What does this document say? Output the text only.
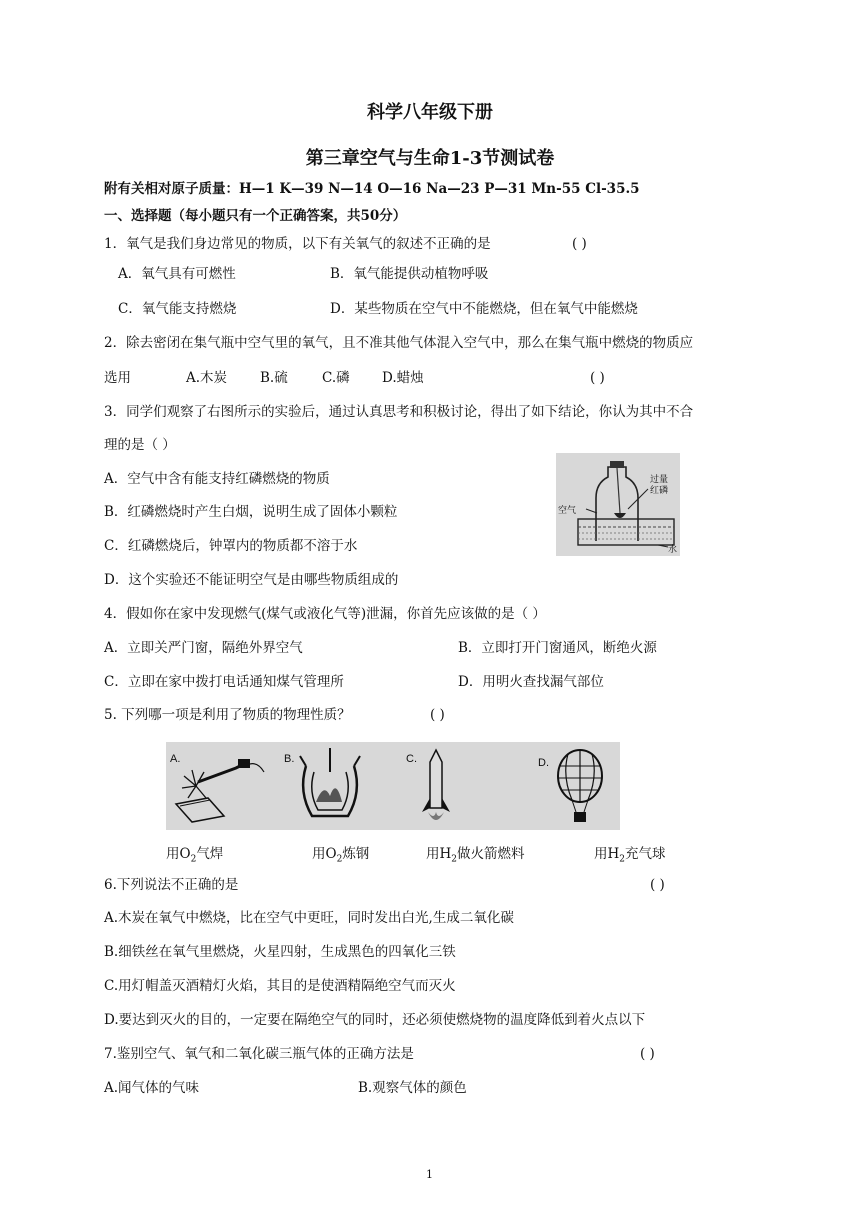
科学八年级下册
第三章空气与生命1-3节测试卷
附有关相对原子质量：H—1 K—39 N—14 O—16 Na—23 P—31 Mn-55 Cl-35.5
一、选择题（每小题只有一个正确答案，共50分）
1．氧气是我们身边常见的物质，以下有关氧气的叙述不正确的是	( )
A．氧气具有可燃性	B．氧气能提供动植物呼吸
C．氧气能支持燃烧	D．某些物质在空气中不能燃烧，但在氧气中能燃烧
2．除去密闭在集气瓶中空气里的氧气，且不准其他气体混入空气中，那么在集气瓶中燃烧的物质应
选用	A.木炭 B.硫	C.磷 D.蜡烛	( )
3．同学们观察了右图所示的实验后，通过认真思考和积极讨论，得出了如下结论，你认为其中不合
理的是（ ）
A．空气中含有能支持红磷燃烧的物质
B．红磷燃烧时产生白烟，说明生成了固体小颗粒
C．红磷燃烧后，钟罩内的物质都不溶于水
D．这个实验还不能证明空气是由哪些物质组成的
过量
红磷
空气
水
4．假如你在家中发现燃气(煤气或液化气等)泄漏，你首先应该做的是（ ）
A．立即关严门窗，隔绝外界空气	B．立即打开门窗通风，断绝火源
C．立即在家中拨打电话通知煤气管理所	D．用明火查找漏气部位
5. 下列哪一项是利用了物质的物理性质？	( )
A.	B.	C.	D.
用$O_2$气焊	用$O_2$炼钢	用$H_2$做火箭燃料	用$H_2$充气球
6.下列说法不正确的是	( )
A.木炭在氧气中燃烧，比在空气中更旺，同时发出白光,生成二氧化碳
B.细铁丝在氧气里燃烧，火星四射，生成黑色的四氧化三铁
C.用灯帽盖灭酒精灯火焰，其目的是使酒精隔绝空气而灭火
D.要达到灭火的目的，一定要在隔绝空气的同时，还必须使燃烧物的温度降低到着火点以下
7.鉴别空气、氧气和二氧化碳三瓶气体的正确方法是	( )
A.闻气体的气味	B.观察气体的颜色
1
